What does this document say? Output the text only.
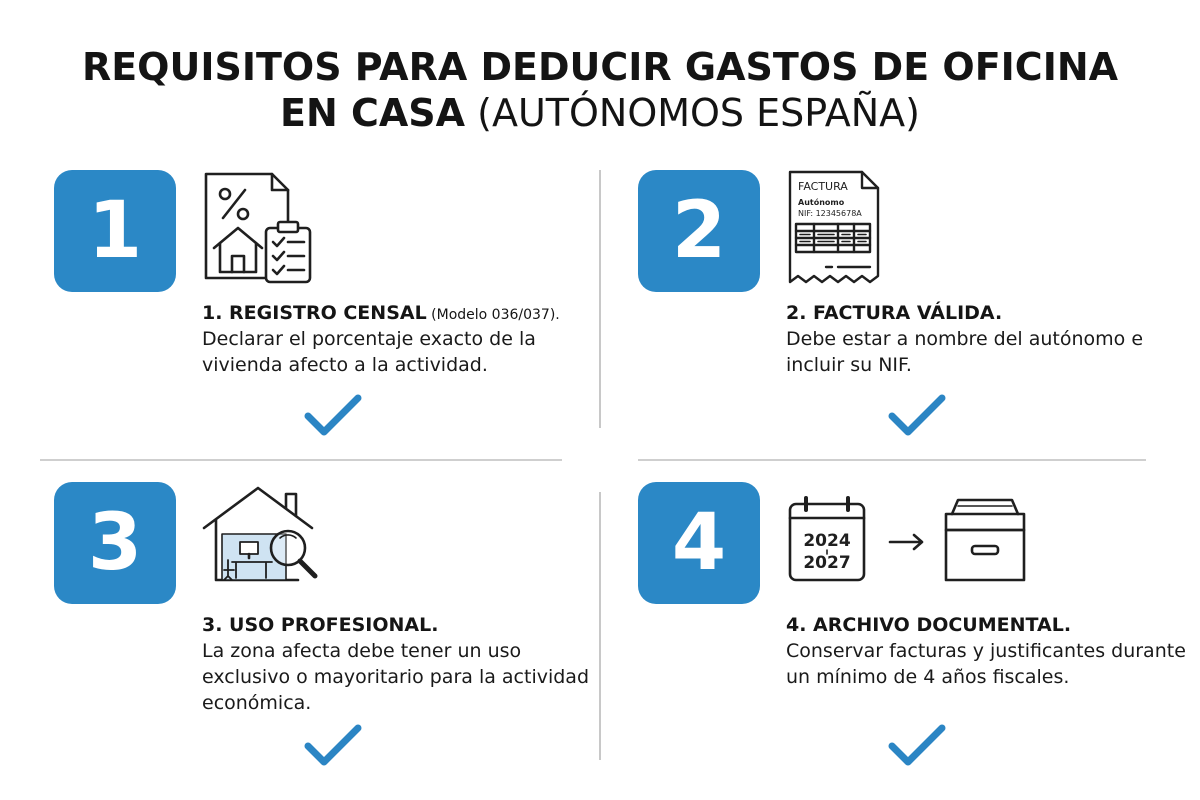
REQUISITOS PARA DEDUCIR GASTOS DE OFICINA
EN CASA (AUTÓNOMOS ESPAÑA)
1
1. REGISTRO CENSAL (Modelo 036/037).
Declarar el porcentaje exacto de la vivienda afecto a la actividad.
2	FACTURA
Autónomo
NIF: 12345678A
2. FACTURA VÁLIDA.
Debe estar a nombre del autónomo e incluir su NIF.
3
3. USO PROFESIONAL.
La zona afecta debe tener un uso exclusivo o mayoritario para la actividad económica.
4	2024
2027
4. ARCHIVO DOCUMENTAL.
Conservar facturas y justificantes durante un mínimo de 4 años fiscales.
